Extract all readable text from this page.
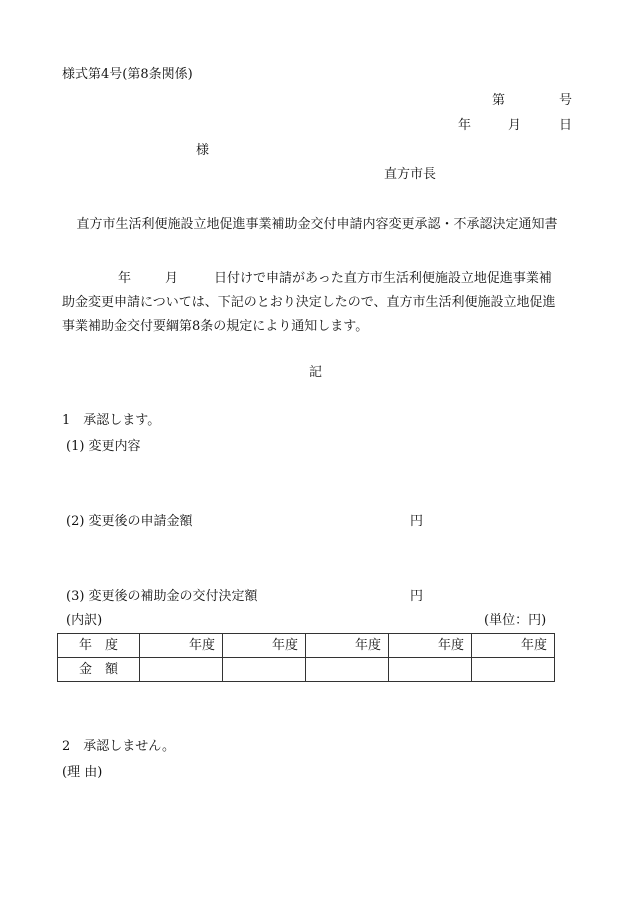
様式第4号(第8条関係)
第	号
年	月	日
様
直方市長
直方市生活利便施設立地促進事業補助金交付申請内容変更承認・不承認決定通知書
年	月	日付けで申請があった直方市生活利便施設立地促進事業補
助金変更申請については、下記のとおり決定したので、直方市生活利便施設立地促進
事業補助金交付要綱第8条の規定により通知します。
記
1　承認します。
(1) 変更内容
(2) 変更後の申請金額	円
(3) 変更後の補助金の交付決定額	円
(内訳)	(単位：円)
年　度	年度	年度	年度	年度	年度
金　額					
2　承認しません。
(理 由)
